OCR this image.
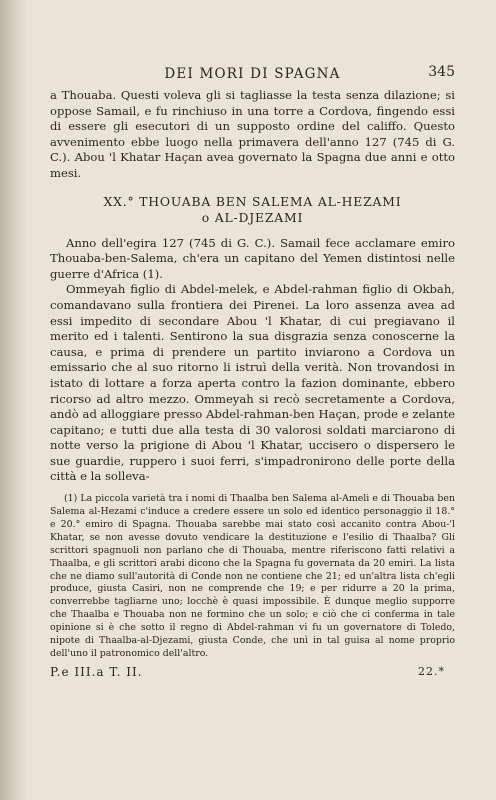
DEI MORI DI SPAGNA	345

a Thouaba. Questi voleva gli si tagliasse la testa senza dilazione; si oppose Samail, e fu rinchiuso in una torre a Cordova, fingendo essi di essere gli esecutori di un supposto ordine del califfo. Questo avvenimento ebbe luogo nella primavera dell'anno 127 (745 di G. C.). Abou 'l Khatar Haçan avea governato la Spagna due anni e otto mesi.

XX.° THOUABA BEN SALEMA AL-HEZAMI
o AL-DJEZAMI

Anno dell'egira 127 (745 di G. C.). Samail fece acclamare emiro Thouaba-ben-Salema, ch'era un capitano del Yemen distintosi nelle guerre d'Africa (1).

Ommeyah figlio di Abdel-melek, e Abdel-rahman figlio di Okbah, comandavano sulla frontiera dei Pirenei. La loro assenza avea ad essi impedito di secondare Abou 'l Khatar, di cui pregiavano il merito ed i talenti. Sentirono la sua disgrazia senza conoscerne la causa, e prima di prendere un partito inviarono a Cordova un emissario che al suo ritorno li istruì della verità. Non trovandosi in istato di lottare a forza aperta contro la fazion dominante, ebbero ricorso ad altro mezzo. Ommeyah si recò secretamente a Cordova, andò ad alloggiare presso Abdel-rahman-ben Haçan, prode e zelante capitano; e tutti due alla testa di 30 valorosi soldati marciarono di notte verso la prigione di Abou 'l Khatar, uccisero o dispersero le sue guardie, ruppero i suoi ferri, s'impadronirono delle porte della città e la solleva-

(1) La piccola varietà tra i nomi di Thaalba ben Salema al-Ameli e di Thouaba ben Salema al-Hezami c'induce a credere essere un solo ed identico personaggio il 18.° e 20.° emiro di Spagna. Thouaba sarebbe mai stato così accanito contra Abou-'l Khatar, se non avesse dovuto vendicare la destituzione e l'esilio di Thaalba? Gli scrittori spagnuoli non parlano che di Thouaba, mentre riferiscono fatti relativi a Thaalba, e gli scrittori arabi dicono che la Spagna fu governata da 20 emiri. La lista che ne diamo sull'autorità di Conde non ne contiene che 21; ed un'altra lista ch'egli produce, giusta Casiri, non ne comprende che 19; e per ridurre a 20 la prima, converrebbe tagliarne uno; locchè è quasi impossibile. È dunque meglio supporre che Thaalba e Thouaba non ne formino che un solo; e ciò che ci conferma in tale opinione si è che sotto il regno di Abdel-rahman vi fu un governatore di Toledo, nipote di Thaalba-al-Djezami, giusta Conde, che unì in tal guisa al nome proprio dell'uno il patronomico dell'altro.

P.e III.a T. II.	22.*
